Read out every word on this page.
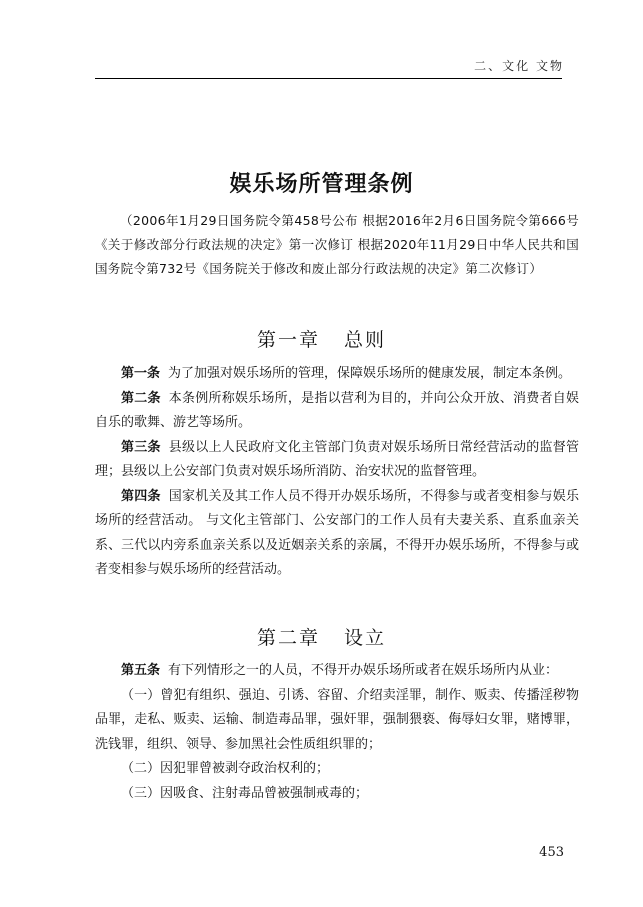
二、文化 文物
娱乐场所管理条例

（2006年1月29日国务院令第458号公布 根据2016年2月6日国务院令第666号《关于修改部分行政法规的决定》第一次修订 根据2020年11月29日中华人民共和国国务院令第732号《国务院关于修改和废止部分行政法规的决定》第二次修订）

第一章 总则

第一条 为了加强对娱乐场所的管理，保障娱乐场所的健康发展，制定本条例。

第二条 本条例所称娱乐场所，是指以营利为目的，并向公众开放、消费者自娱自乐的歌舞、游艺等场所。

第三条 县级以上人民政府文化主管部门负责对娱乐场所日常经营活动的监督管理；县级以上公安部门负责对娱乐场所消防、治安状况的监督管理。

第四条 国家机关及其工作人员不得开办娱乐场所，不得参与或者变相参与娱乐场所的经营活动。 与文化主管部门、公安部门的工作人员有夫妻关系、直系血亲关系、三代以内旁系血亲关系以及近姻亲关系的亲属，不得开办娱乐场所，不得参与或者变相参与娱乐场所的经营活动。

第二章 设立

第五条 有下列情形之一的人员，不得开办娱乐场所或者在娱乐场所内从业：

（一）曾犯有组织、强迫、引诱、容留、介绍卖淫罪，制作、贩卖、传播淫秽物品罪，走私、贩卖、运输、制造毒品罪，强奸罪，强制猥亵、侮辱妇女罪，赌博罪，洗钱罪，组织、领导、参加黑社会性质组织罪的；

（二）因犯罪曾被剥夺政治权利的；

（三）因吸食、注射毒品曾被强制戒毒的；

453
